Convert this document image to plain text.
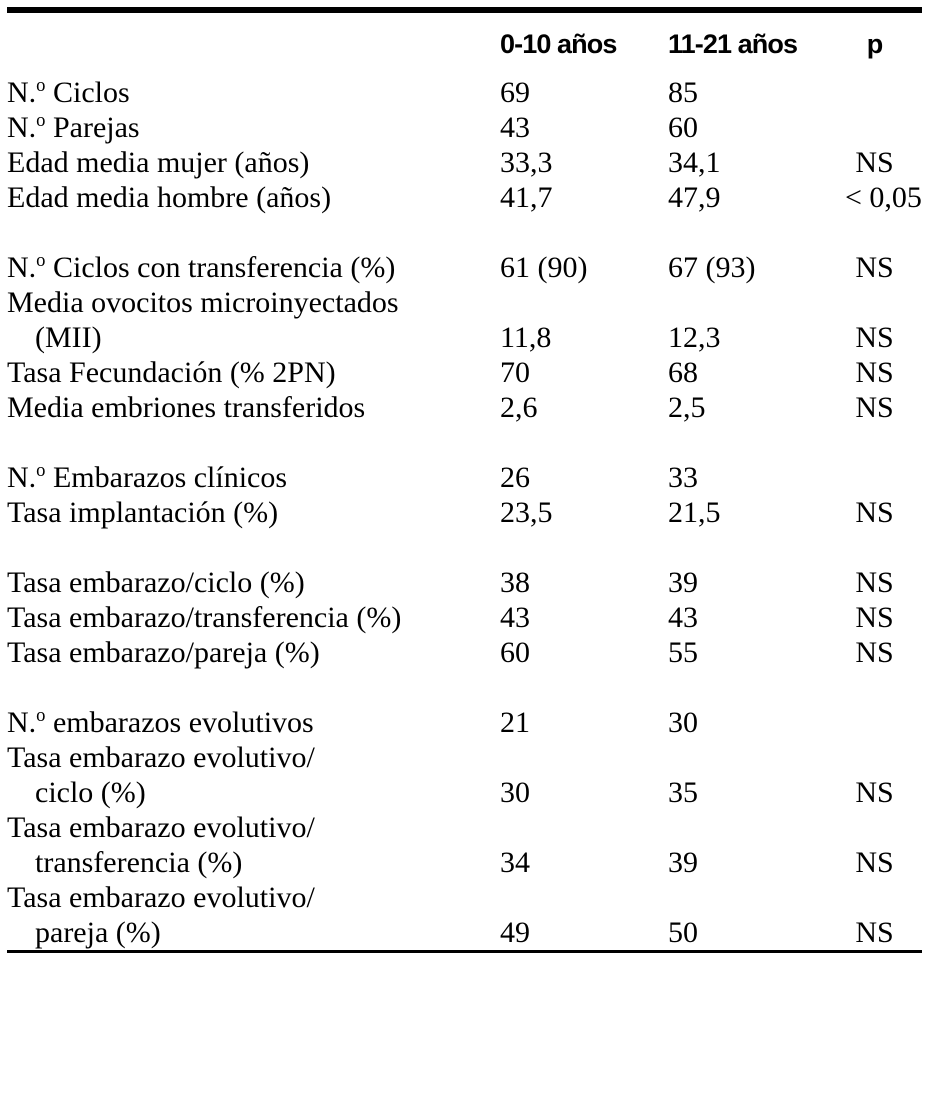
	0-10 años	11-21 años	p
N.$^o$ Ciclos	69	85	
N.$^o$ Parejas	43	60	
Edad media mujer (años)	33,3	34,1	NS
Edad media hombre (años)	41,7	47,9	< 0,05

N.$^o$ Ciclos con transferencia (%)	61 (90)	67 (93)	NS
Media ovocitos microinyectados			
(MII)	11,8	12,3	NS
Tasa Fecundación (% 2PN)	70	68	NS
Media embriones transferidos	2,6	2,5	NS

N.$^o$ Embarazos clínicos	26	33	
Tasa implantación (%)	23,5	21,5	NS

Tasa embarazo/ciclo (%)	38	39	NS
Tasa embarazo/transferencia (%)	43	43	NS
Tasa embarazo/pareja (%)	60	55	NS

N.$^o$ embarazos evolutivos	21	30	
Tasa embarazo evolutivo/			
ciclo (%)	30	35	NS
Tasa embarazo evolutivo/			
transferencia (%)	34	39	NS
Tasa embarazo evolutivo/			
pareja (%)	49	50	NS
